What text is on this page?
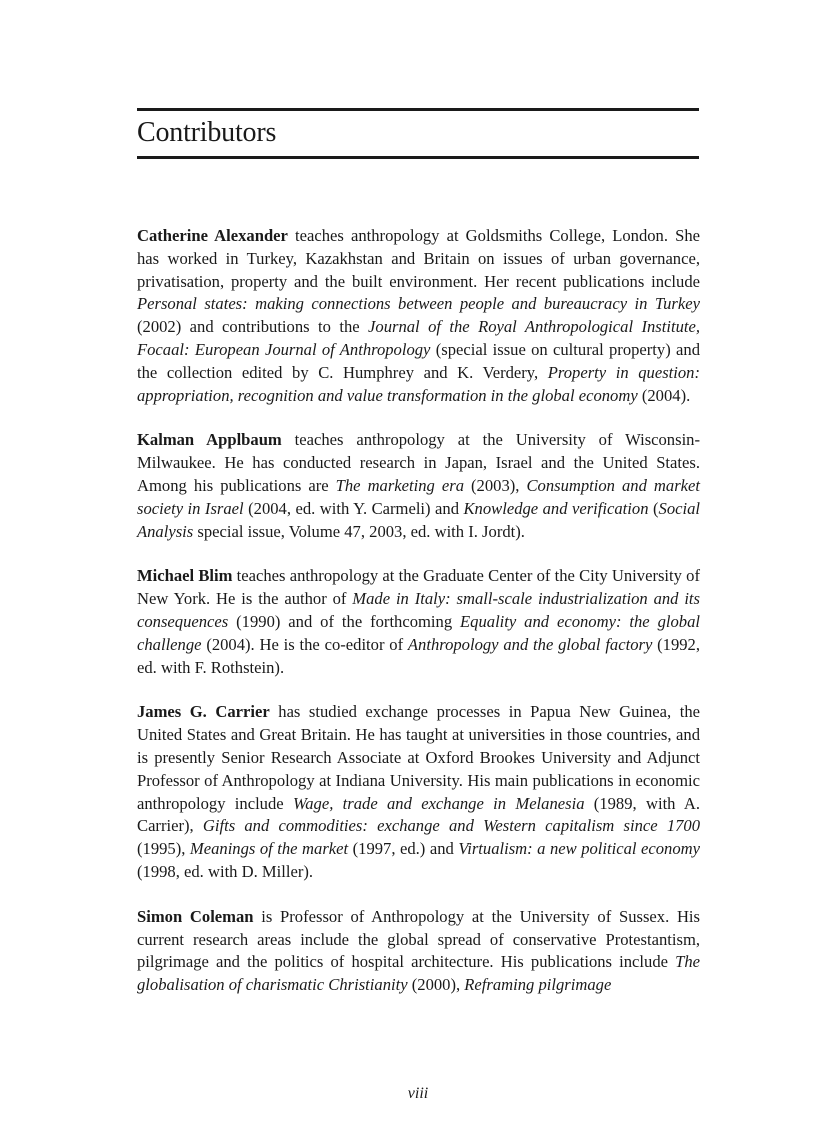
Contributors

Catherine Alexander teaches anthropology at Goldsmiths College, London. She has worked in Turkey, Kazakhstan and Britain on issues of urban governance, privatisation, property and the built environment. Her recent publications include Personal states: making connections between people and bureaucracy in Turkey (2002) and contributions to the Journal of the Royal Anthropological Institute, Focaal: European Journal of Anthropology (special issue on cultural property) and the collection edited by C. Humphrey and K. Verdery, Property in question: appropriation, recognition and value transformation in the global economy (2004).

Kalman Applbaum teaches anthropology at the University of Wisconsin-Milwaukee. He has conducted research in Japan, Israel and the United States. Among his publications are The marketing era (2003), Consumption and market society in Israel (2004, ed. with Y. Carmeli) and Knowledge and verification (Social Analysis special issue, Volume 47, 2003, ed. with I. Jordt).

Michael Blim teaches anthropology at the Graduate Center of the City University of New York. He is the author of Made in Italy: small-scale industrialization and its consequences (1990) and of the forthcoming Equality and economy: the global challenge (2004). He is the co-editor of Anthropology and the global factory (1992, ed. with F. Rothstein).

James G. Carrier has studied exchange processes in Papua New Guinea, the United States and Great Britain. He has taught at universities in those countries, and is presently Senior Research Associate at Oxford Brookes University and Adjunct Professor of Anthropology at Indiana University. His main publications in economic anthropology include Wage, trade and exchange in Melanesia (1989, with A. Carrier), Gifts and commodities: exchange and Western capitalism since 1700 (1995), Meanings of the market (1997, ed.) and Virtualism: a new political economy (1998, ed. with D. Miller).

Simon Coleman is Professor of Anthropology at the University of Sussex. His current research areas include the global spread of conservative Protestantism, pilgrimage and the politics of hospital architecture. His publications include The globalisation of charismatic Christianity (2000), Reframing pilgrimage

viii
